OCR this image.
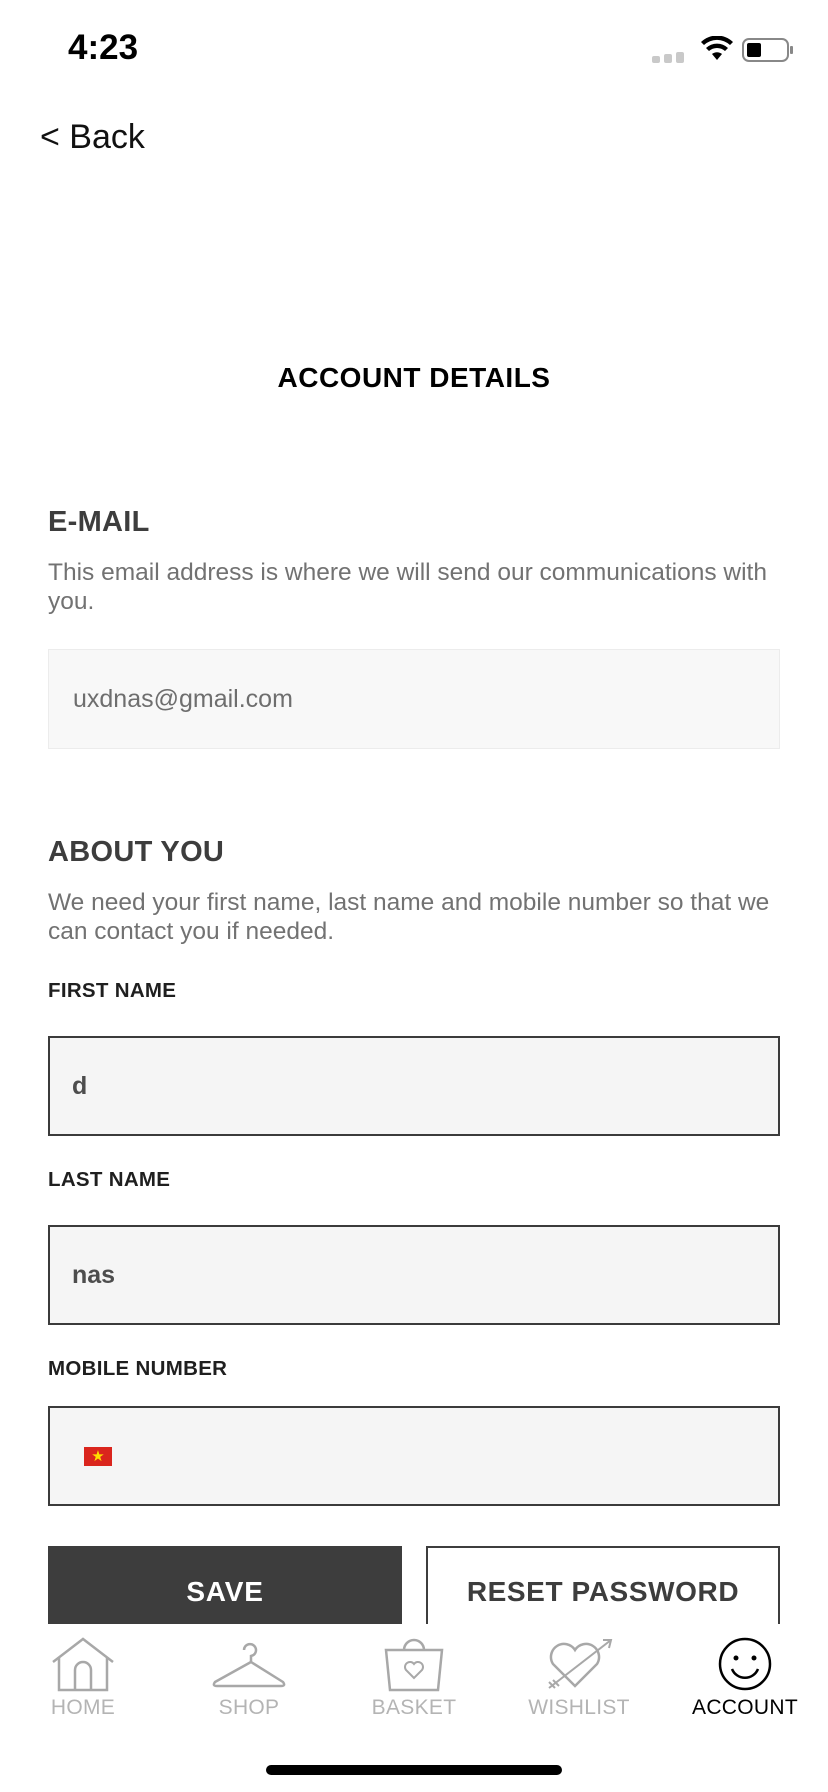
4:23
< Back
ACCOUNT DETAILS
E-MAIL
This email address is where we will send our communications with you.
uxdnas@gmail.com
ABOUT YOU
We need your first name, last name and mobile number so that we can contact you if needed.
FIRST NAME
d
LAST NAME
nas
MOBILE NUMBER
★
SAVE	RESET PASSWORD
HOME	SHOP	BASKET	WISHLIST	ACCOUNT
